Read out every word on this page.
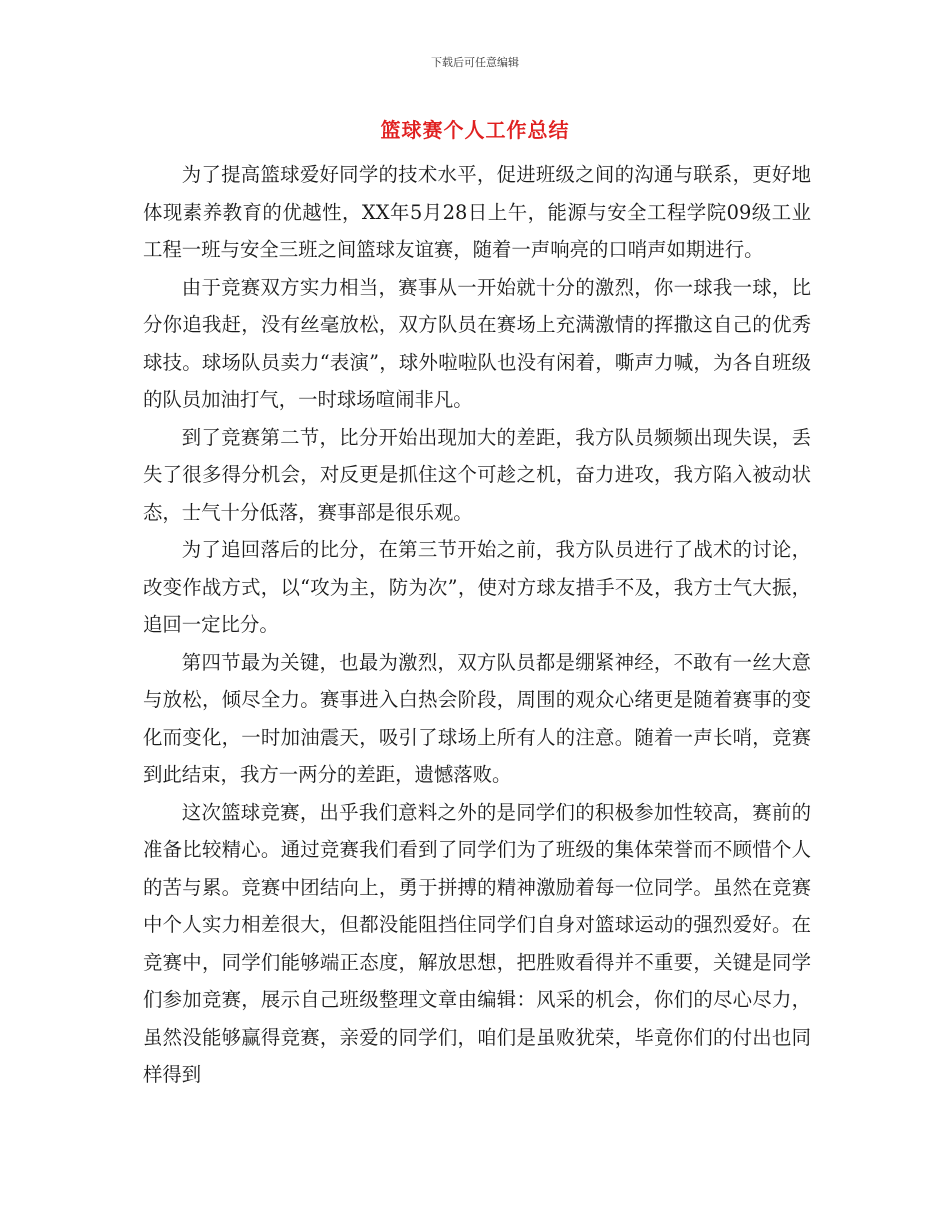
下载后可任意编辑
篮球赛个人工作总结

为了提高篮球爱好同学的技术水平，促进班级之间的沟通与联系，更好地体现素养教育的优越性，XX年5月28日上午，能源与安全工程学院09级工业工程一班与安全三班之间篮球友谊赛，随着一声响亮的口哨声如期进行。

由于竞赛双方实力相当，赛事从一开始就十分的激烈，你一球我一球，比分你追我赶，没有丝毫放松，双方队员在赛场上充满激情的挥撒这自己的优秀球技。球场队员卖力“表演”，球外啦啦队也没有闲着，嘶声力喊，为各自班级的队员加油打气，一时球场喧闹非凡。

到了竞赛第二节，比分开始出现加大的差距，我方队员频频出现失误，丢失了很多得分机会，对反更是抓住这个可趁之机，奋力进攻，我方陷入被动状态，士气十分低落，赛事部是很乐观。

为了追回落后的比分，在第三节开始之前，我方队员进行了战术的讨论，改变作战方式，以“攻为主，防为次”，使对方球友措手不及，我方士气大振，追回一定比分。

第四节最为关键，也最为激烈，双方队员都是绷紧神经，不敢有一丝大意与放松，倾尽全力。赛事进入白热会阶段，周围的观众心绪更是随着赛事的变化而变化，一时加油震天，吸引了球场上所有人的注意。随着一声长哨，竞赛到此结束，我方一两分的差距，遗憾落败。

这次篮球竞赛，出乎我们意料之外的是同学们的积极参加性较高，赛前的准备比较精心。通过竞赛我们看到了同学们为了班级的集体荣誉而不顾惜个人的苦与累。竞赛中团结向上，勇于拼搏的精神激励着每一位同学。虽然在竞赛中个人实力相差很大，但都没能阻挡住同学们自身对篮球运动的强烈爱好。在竞赛中，同学们能够端正态度，解放思想，把胜败看得并不重要，关键是同学们参加竞赛，展示自己班级整理文章由编辑：风采的机会，你们的尽心尽力，虽然没能够赢得竞赛，亲爱的同学们，咱们是虽败犹荣，毕竟你们的付出也同样得到
